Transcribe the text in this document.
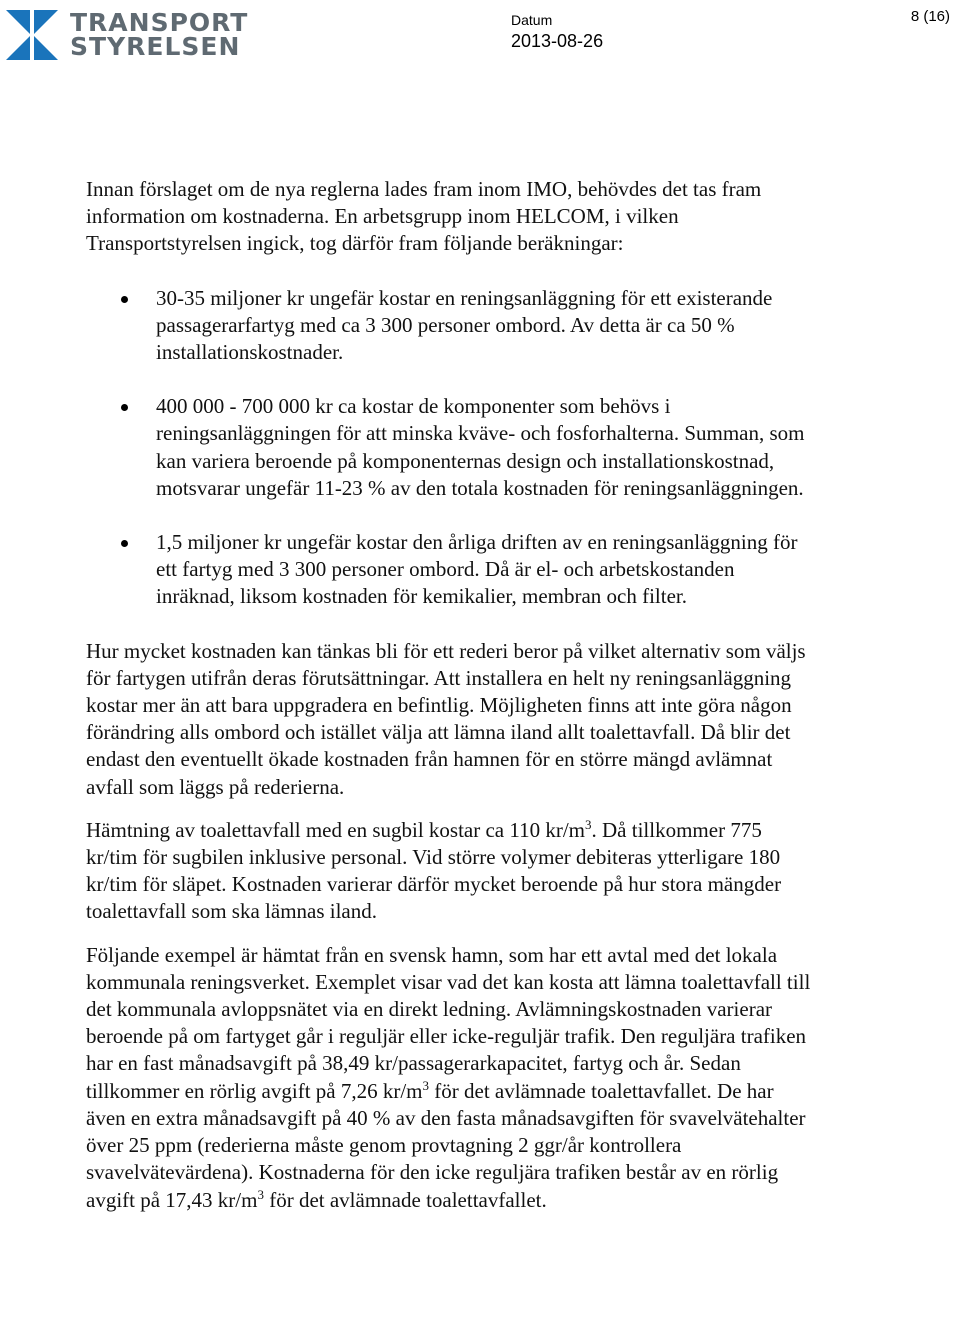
TRANSPORT
STYRELSEN
Datum
2013-08-26
8 (16)

Innan förslaget om de nya reglerna lades fram inom IMO, behövdes det tas fram information om kostnaderna. En arbetsgrupp inom HELCOM, i vilken Transportstyrelsen ingick, tog därför fram följande beräkningar:

30-35 miljoner kr ungefär kostar en reningsanläggning för ett existerande passagerarfartyg med ca 3 300 personer ombord. Av detta är ca 50 % installationskostnader.
400 000 - 700 000 kr ca kostar de komponenter som behövs i reningsanläggningen för att minska kväve- och fosforhalterna. Summan, som kan variera beroende på komponenternas design och installationskostnad, motsvarar ungefär 11-23 % av den totala kostnaden för reningsanläggningen.
1,5 miljoner kr ungefär kostar den årliga driften av en reningsanläggning för ett fartyg med 3 300 personer ombord. Då är el- och arbetskostanden inräknad, liksom kostnaden för kemikalier, membran och filter.

Hur mycket kostnaden kan tänkas bli för ett rederi beror på vilket alternativ som väljs för fartygen utifrån deras förutsättningar. Att installera en helt ny reningsanläggning kostar mer än att bara uppgradera en befintlig. Möjligheten finns att inte göra någon förändring alls ombord och istället välja att lämna iland allt toalettavfall. Då blir det endast den eventuellt ökade kostnaden från hamnen för en större mängd avlämnat avfall som läggs på rederierna.

Hämtning av toalettavfall med en sugbil kostar ca 110 $kr/m^3$. Då tillkommer 775 kr/tim för sugbilen inklusive personal. Vid större volymer debiteras ytterligare 180 kr/tim för släpet. Kostnaden varierar därför mycket beroende på hur stora mängder toalettavfall som ska lämnas iland.

Följande exempel är hämtat från en svensk hamn, som har ett avtal med det lokala kommunala reningsverket. Exemplet visar vad det kan kosta att lämna toalettavfall till det kommunala avloppsnätet via en direkt ledning. Avlämningskostnaden varierar beroende på om fartyget går i reguljär eller icke-reguljär trafik. Den reguljära trafiken har en fast månadsavgift på 38,49 kr/passagerarkapacitet, fartyg och år. Sedan tillkommer en rörlig avgift på 7,26 $kr/m^3$ för det avlämnade toalettavfallet. De har även en extra månadsavgift på 40 % av den fasta månadsavgiften för svavelvätehalter över 25 ppm (rederierna måste genom provtagning 2 ggr/år kontrollera svavelvätevärdena). Kostnaderna för den icke reguljära trafiken består av en rörlig avgift på 17,43 $kr/m^3$ för det avlämnade toalettavfallet.
